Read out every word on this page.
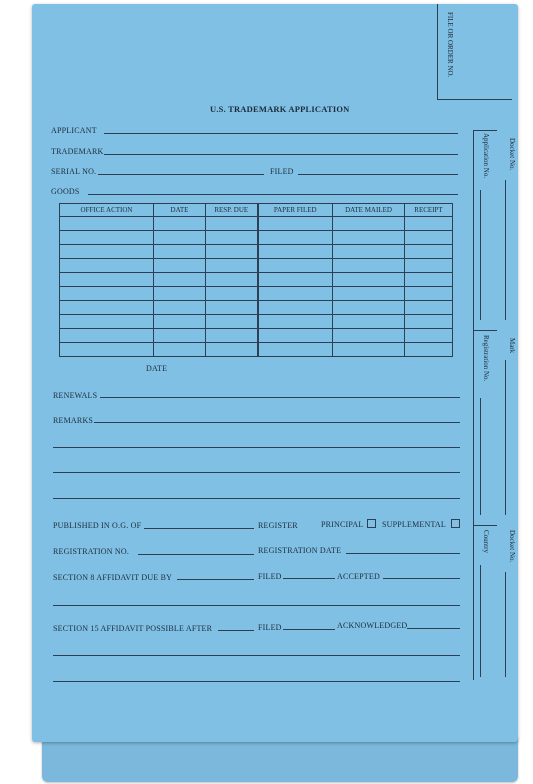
FILE OR ORDER NO.
U.S. TRADEMARK APPLICATION
APPLICANT
TRADEMARK
SERIAL NO.	FILED
GOODS
OFFICE ACTION	DATE	RESP. DUE	PAPER FILED	DATE MAILED	RECEIPT

DATE
RENEWALS
REMARKS
PUBLISHED IN O.G. OF	REGISTER	PRINCIPAL SUPPLEMENTAL
REGISTRATION NO.	REGISTRATION DATE
SECTION 8 AFFIDAVIT DUE BY	FILED	ACCEPTED
SECTION 15 AFFIDAVIT POSSIBLE AFTER	FILED	ACKNOWLEDGED
Docket No.
Application No.
Mark
Registration No.
Docket No.
Country
